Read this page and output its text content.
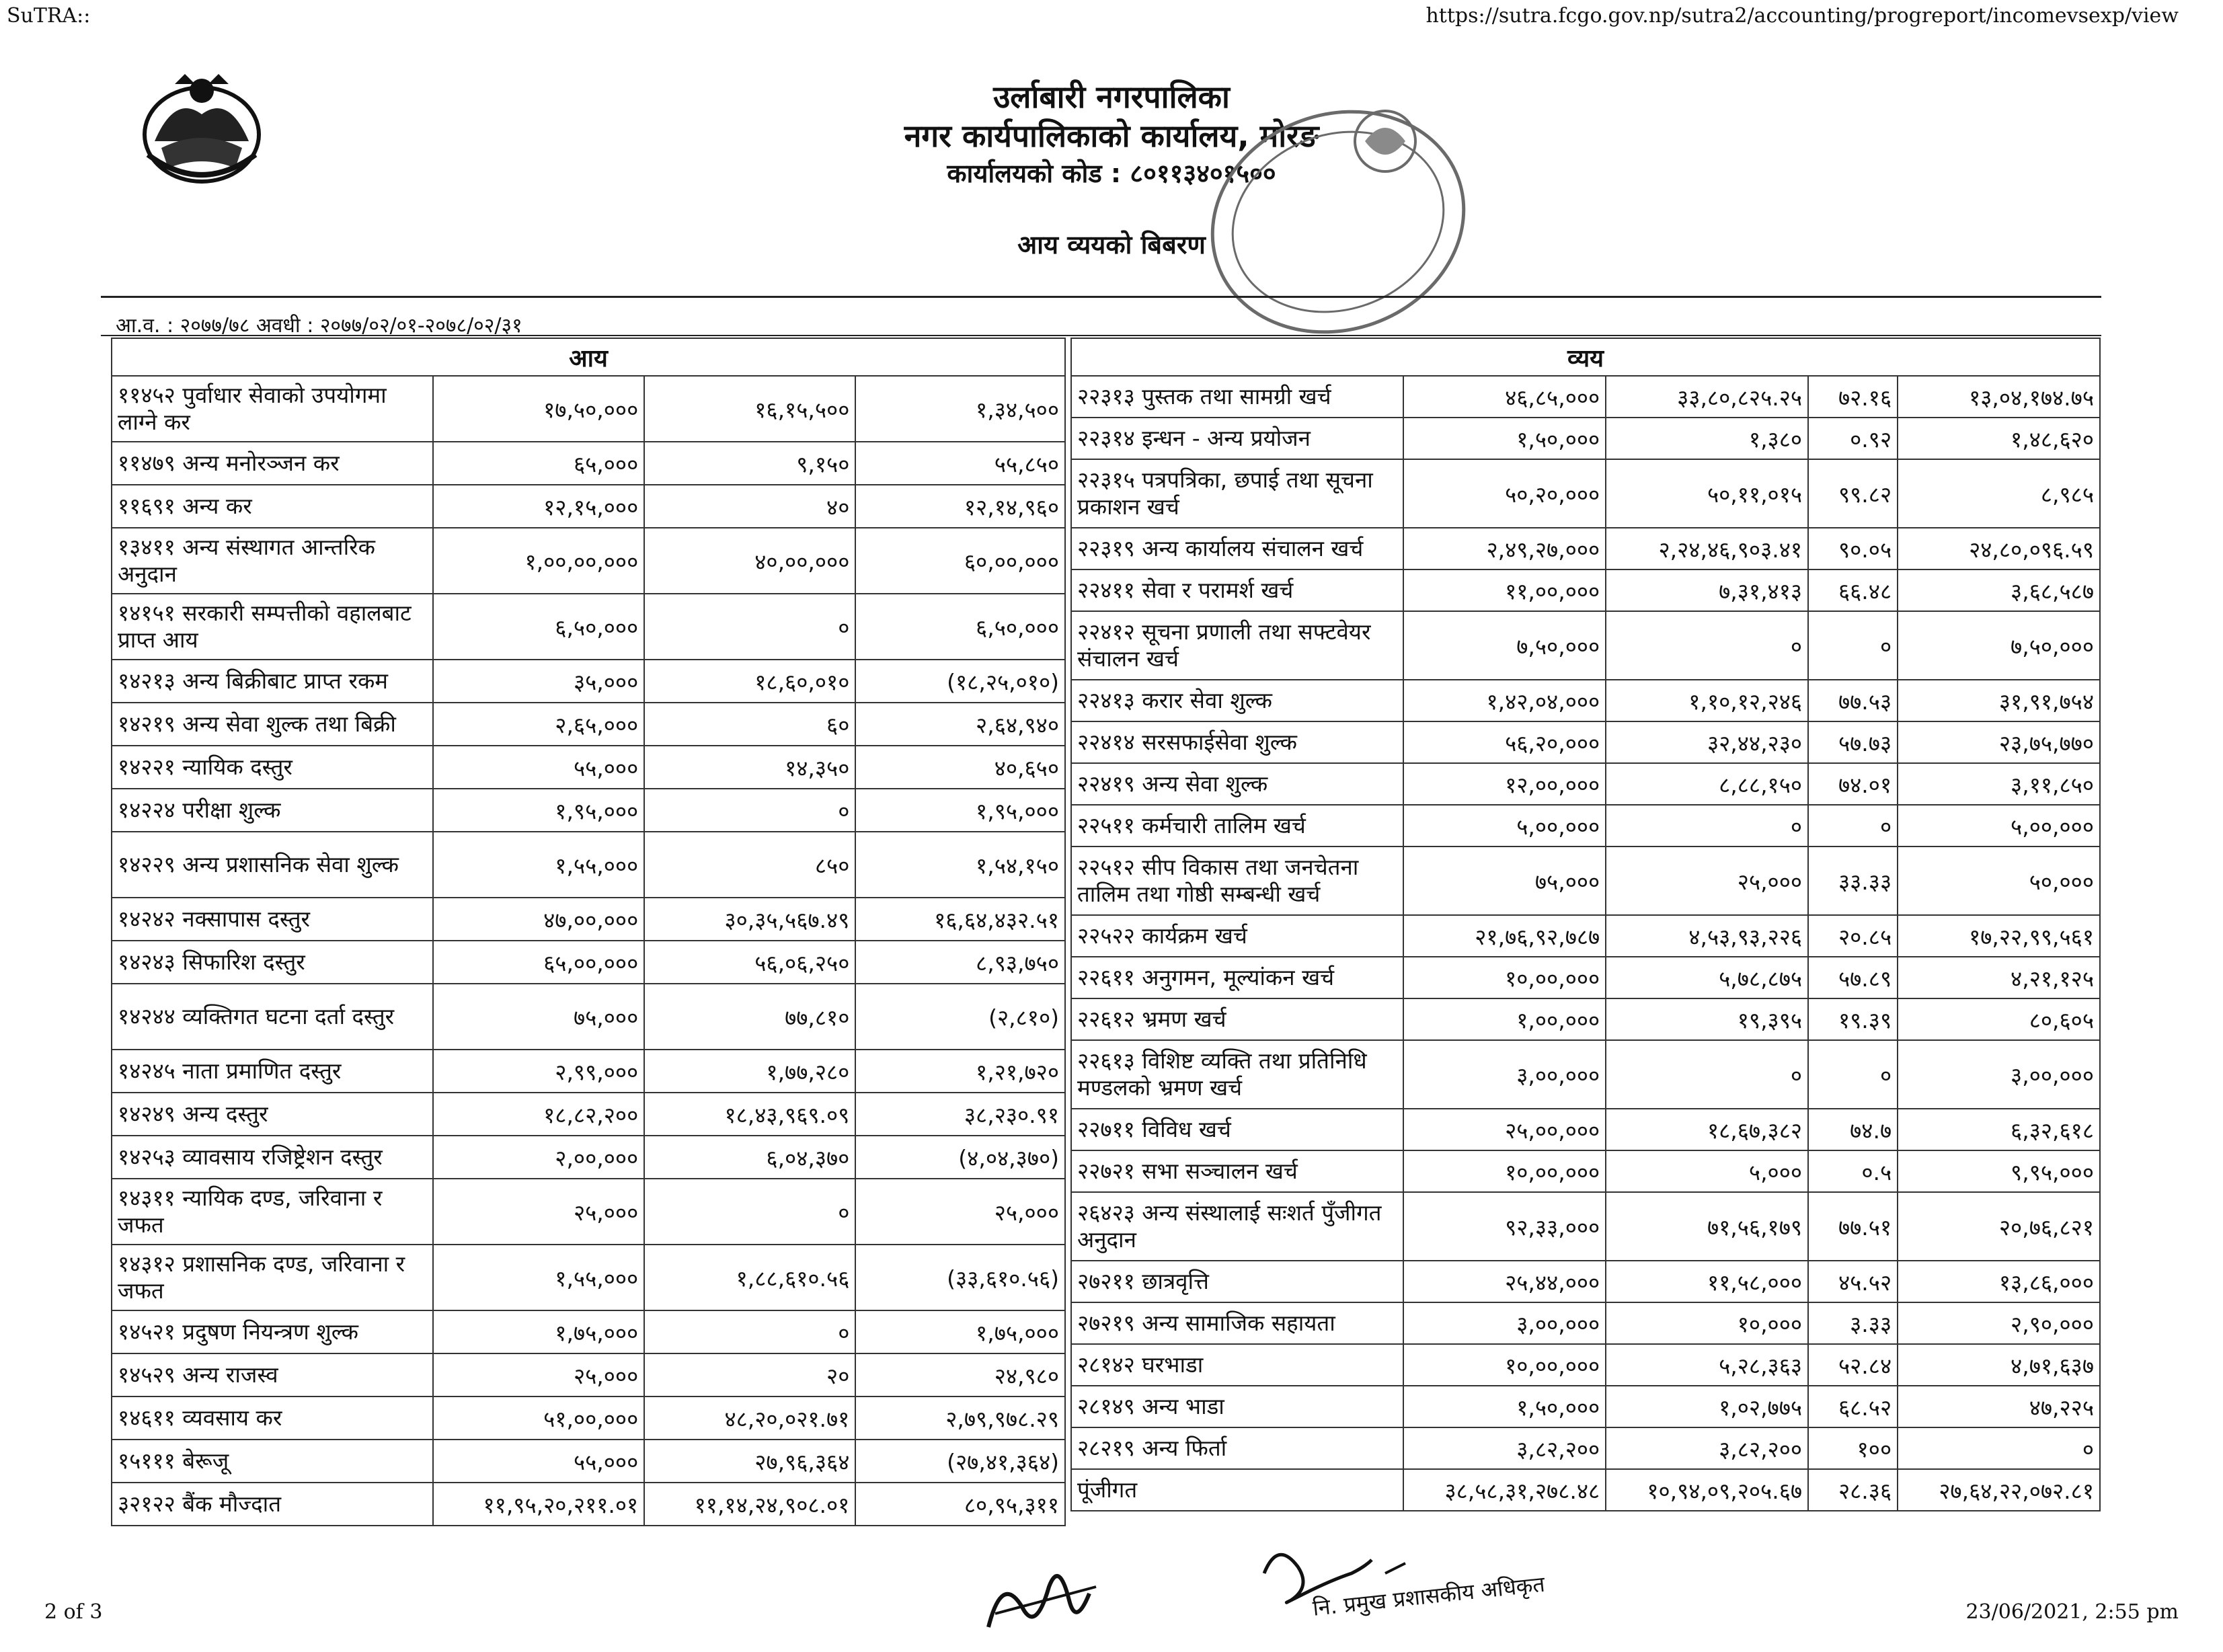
SuTRA::	https://sutra.fcgo.gov.np/sutra2/accounting/progreport/incomevsexp/view
उर्लाबारी नगरपालिका
नगर कार्यपालिकाको कार्यालय, मोरङ
कार्यालयको कोड : ८०११३४०१५००
आय व्ययको बिबरण
आ.व. : २०७७/७८ अवधी : २०७७/०२/०१-२०७८/०२/३१
आय			
११४५२ पुर्वाधार सेवाको उपयोगमा लाग्ने कर	१७,५०,०००	१६,१५,५००	१,३४,५००
११४७९ अन्य मनोरञ्जन कर	६५,०००	९,१५०	५५,८५०
११६९१ अन्य कर	१२,१५,०००	४०	१२,१४,९६०
१३४११ अन्य संस्थागत आन्तरिक अनुदान	१,००,००,०००	४०,००,०००	६०,००,०००
१४१५१ सरकारी सम्पत्तीको वहालबाट प्राप्त आय	६,५०,०००	०	६,५०,०००
१४२१३ अन्य बिक्रीबाट प्राप्त रकम	३५,०००	१८,६०,०१०	(१८,२५,०१०)
१४२१९ अन्य सेवा शुल्क तथा बिक्री	२,६५,०००	६०	२,६४,९४०
१४२२१ न्यायिक दस्तुर	५५,०००	१४,३५०	४०,६५०
१४२२४ परीक्षा शुल्क	१,९५,०००	०	१,९५,०००
१४२२९ अन्य प्रशासनिक सेवा शुल्क	१,५५,०००	८५०	१,५४,१५०
१४२४२ नक्सापास दस्तुर	४७,००,०००	३०,३५,५६७.४९	१६,६४,४३२.५१
१४२४३ सिफारिश दस्तुर	६५,००,०००	५६,०६,२५०	८,९३,७५०
१४२४४ व्यक्तिगत घटना दर्ता दस्तुर	७५,०००	७७,८१०	(२,८१०)
१४२४५ नाता प्रमाणित दस्तुर	२,९९,०००	१,७७,२८०	१,२१,७२०
१४२४९ अन्य दस्तुर	१८,८२,२००	१८,४३,९६९.०९	३८,२३०.९१
१४२५३ व्यावसाय रजिष्ट्रेशन दस्तुर	२,००,०००	६,०४,३७०	(४,०४,३७०)
१४३११ न्यायिक दण्ड, जरिवाना र जफत	२५,०००	०	२५,०००
१४३१२ प्रशासनिक दण्ड, जरिवाना र जफत	१,५५,०००	१,८८,६१०.५६	(३३,६१०.५६)
१४५२१ प्रदुषण नियन्त्रण शुल्क	१,७५,०००	०	१,७५,०००
१४५२९ अन्य राजस्व	२५,०००	२०	२४,९८०
१४६११ व्यवसाय कर	५१,००,०००	४८,२०,०२१.७१	२,७९,९७८.२९
१५१११ बेरूजू	५५,०००	२७,९६,३६४	(२७,४१,३६४)
३२१२२ बैंक मौज्दात	११,९५,२०,२११.०१	११,१४,२४,९०८.०१	८०,९५,३११
व्यय				
२२३१३ पुस्तक तथा सामग्री खर्च	४६,८५,०००	३३,८०,८२५.२५	७२.१६	१३,०४,१७४.७५
२२३१४ इन्धन - अन्य प्रयोजन	१,५०,०००	१,३८०	०.९२	१,४८,६२०
२२३१५ पत्रपत्रिका, छपाई तथा सूचना प्रकाशन खर्च	५०,२०,०००	५०,११,०१५	९९.८२	८,९८५
२२३१९ अन्य कार्यालय संचालन खर्च	२,४९,२७,०००	२,२४,४६,९०३.४१	९०.०५	२४,८०,०९६.५९
२२४११ सेवा र परामर्श खर्च	११,००,०००	७,३१,४१३	६६.४८	३,६८,५८७
२२४१२ सूचना प्रणाली तथा सफ्टवेयर संचालन खर्च	७,५०,०००	०	०	७,५०,०००
२२४१३ करार सेवा शुल्क	१,४२,०४,०००	१,१०,१२,२४६	७७.५३	३१,९१,७५४
२२४१४ सरसफाईसेवा शुल्क	५६,२०,०००	३२,४४,२३०	५७.७३	२३,७५,७७०
२२४१९ अन्य सेवा शुल्क	१२,००,०००	८,८८,१५०	७४.०१	३,११,८५०
२२५११ कर्मचारी तालिम खर्च	५,००,०००	०	०	५,००,०००
२२५१२ सीप विकास तथा जनचेतना तालिम तथा गोष्ठी सम्बन्धी खर्च	७५,०००	२५,०००	३३.३३	५०,०००
२२५२२ कार्यक्रम खर्च	२१,७६,९२,७८७	४,५३,९३,२२६	२०.८५	१७,२२,९९,५६१
२२६११ अनुगमन, मूल्यांकन खर्च	१०,००,०००	५,७८,८७५	५७.८९	४,२१,१२५
२२६१२ भ्रमण खर्च	१,००,०००	१९,३९५	१९.३९	८०,६०५
२२६१३ विशिष्ट व्यक्ति तथा प्रतिनिधि मण्डलको भ्रमण खर्च	३,००,०००	०	०	३,००,०००
२२७११ विविध खर्च	२५,००,०००	१८,६७,३८२	७४.७	६,३२,६१८
२२७२१ सभा सञ्चालन खर्च	१०,००,०००	५,०००	०.५	९,९५,०००
२६४२३ अन्य संस्थालाई सःशर्त पुँजीगत अनुदान	९२,३३,०००	७१,५६,१७९	७७.५१	२०,७६,८२१
२७२११ छात्रवृत्ति	२५,४४,०००	११,५८,०००	४५.५२	१३,८६,०००
२७२१९ अन्य सामाजिक सहायता	३,००,०००	१०,०००	३.३३	२,९०,०००
२८१४२ घरभाडा	१०,००,०००	५,२८,३६३	५२.८४	४,७१,६३७
२८१४९ अन्य भाडा	१,५०,०००	१,०२,७७५	६८.५२	४७,२२५
२८२१९ अन्य फिर्ता	३,८२,२००	३,८२,२००	१००	०
पूंजीगत	३८,५८,३१,२७८.४८	१०,९४,०९,२०५.६७	२८.३६	२७,६४,२२,०७२.८१
नि. प्रमुख प्रशासकीय अधिकृत
2 of 3	23/06/2021, 2:55 pm
